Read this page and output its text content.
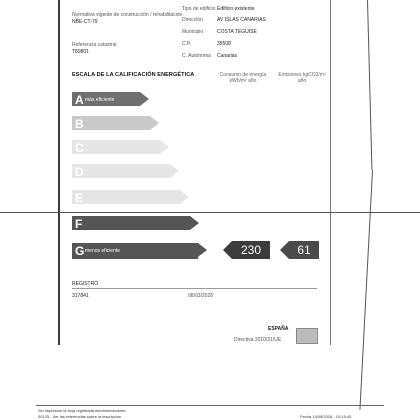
Normativa vigente de construcción / rehabilitación
NBE-CT-79
Referencia catastral
T89801
Tipo de edificio Edificio existente
Dirección	AV ISLAS CANARIAS
Municipio	COSTA TEGUISE
C.P.	35508
C. Autónoma Canarias
ESCALA DE LA CALIFICACIÓN ENERGÉTICA	Consumo de energía kWh/m² año
Emisiones kgCO2/m² año
A más eficiente
B
C
D
E
F
G menos eficiente	230	61
REGISTRO
317841	08/03/2028
ESPAÑA
Directiva 2010/31/UE
Sin impresión la hoja registrada electrónicamente
00125 - Ver las referencias sobre la inscripción	Fecha 14/09/2018 - 10:15:40
